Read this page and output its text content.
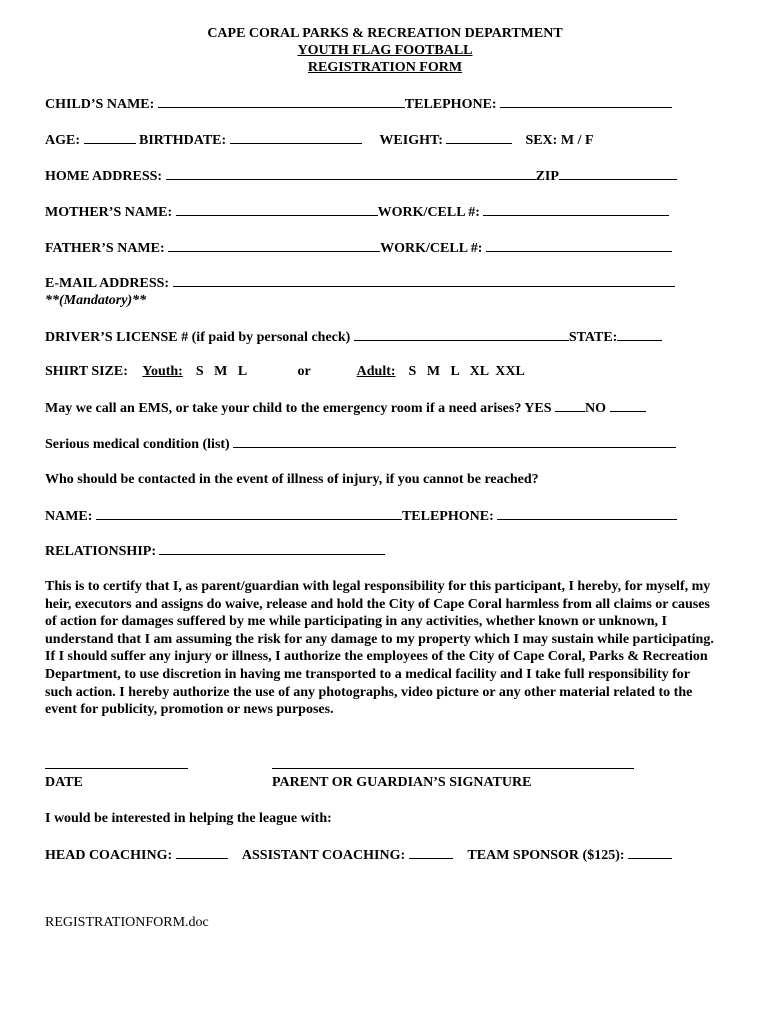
CAPE CORAL PARKS & RECREATION DEPARTMENT
YOUTH FLAG FOOTBALL
REGISTRATION FORM
CHILD’S NAME:	TELEPHONE:
AGE:	BIRTHDATE:	WEIGHT:	SEX: M / F
HOME ADDRESS:	ZIP
MOTHER’S NAME:	WORK/CELL #:
FATHER’S NAME:	WORK/CELL #:
E-MAIL ADDRESS:
**(Mandatory)**
DRIVER’S LICENSE # (if paid by personal check)	STATE:
SHIRT SIZE: Youth: S   M   L	or	Adult: S   M   L   XL  XXL
May we call an EMS, or take your child to the emergency room if a need arises? YES NO
Serious medical condition (list)
Who should be contacted in the event of illness of injury, if you cannot be reached?
NAME:	TELEPHONE:
RELATIONSHIP:
This is to certify that I, as parent/guardian with legal responsibility for this participant, I hereby, for myself, my heir, executors and assigns do waive, release and hold the City of Cape Coral harmless from all claims or causes of action for damages suffered by me while participating in any activities, whether known or unknown, I understand that I am assuming the risk for any damage to my property which I may sustain while participating. If I should suffer any injury or illness, I authorize the employees of the City of Cape Coral, Parks & Recreation Department, to use discretion in having me transported to a medical facility and I take full responsibility for such action. I hereby authorize the use of any photographs, video picture or any other material related to the event for publicity, promotion or news purposes.
DATE	PARENT OR GUARDIAN’S SIGNATURE
I would be interested in helping the league with:
HEAD COACHING:	ASSISTANT COACHING:	TEAM SPONSOR ($125):
REGISTRATIONFORM.doc
